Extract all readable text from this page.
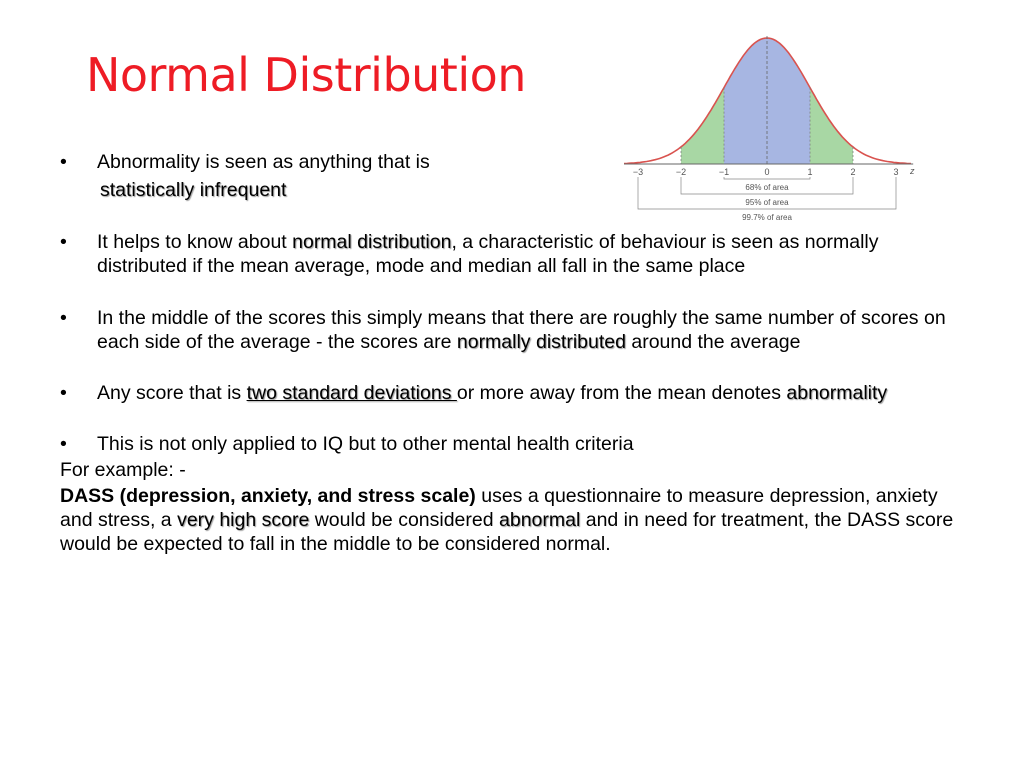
Normal Distribution
−3	−2	−1	0	1	2	3 z
68% of area
95% of area
99.7% of area

• Abnormality is seen as anything that is

statistically infrequent

• It helps to know about normal distribution, a characteristic of behaviour is seen as normally distributed if the mean average, mode and median all fall in the same place

• In the middle of the scores this simply means that there are roughly the same number of scores on each side of the average - the scores are normally distributed around the average

• Any score that is two standard deviations or more away from the mean denotes abnormality

• This is not only applied to IQ but to other mental health criteria

For example: -

DASS (depression, anxiety, and stress scale) uses a questionnaire to measure depression, anxiety and stress, a very high score would be considered abnormal and in need for treatment, the DASS score would be expected to fall in the middle to be considered normal.
